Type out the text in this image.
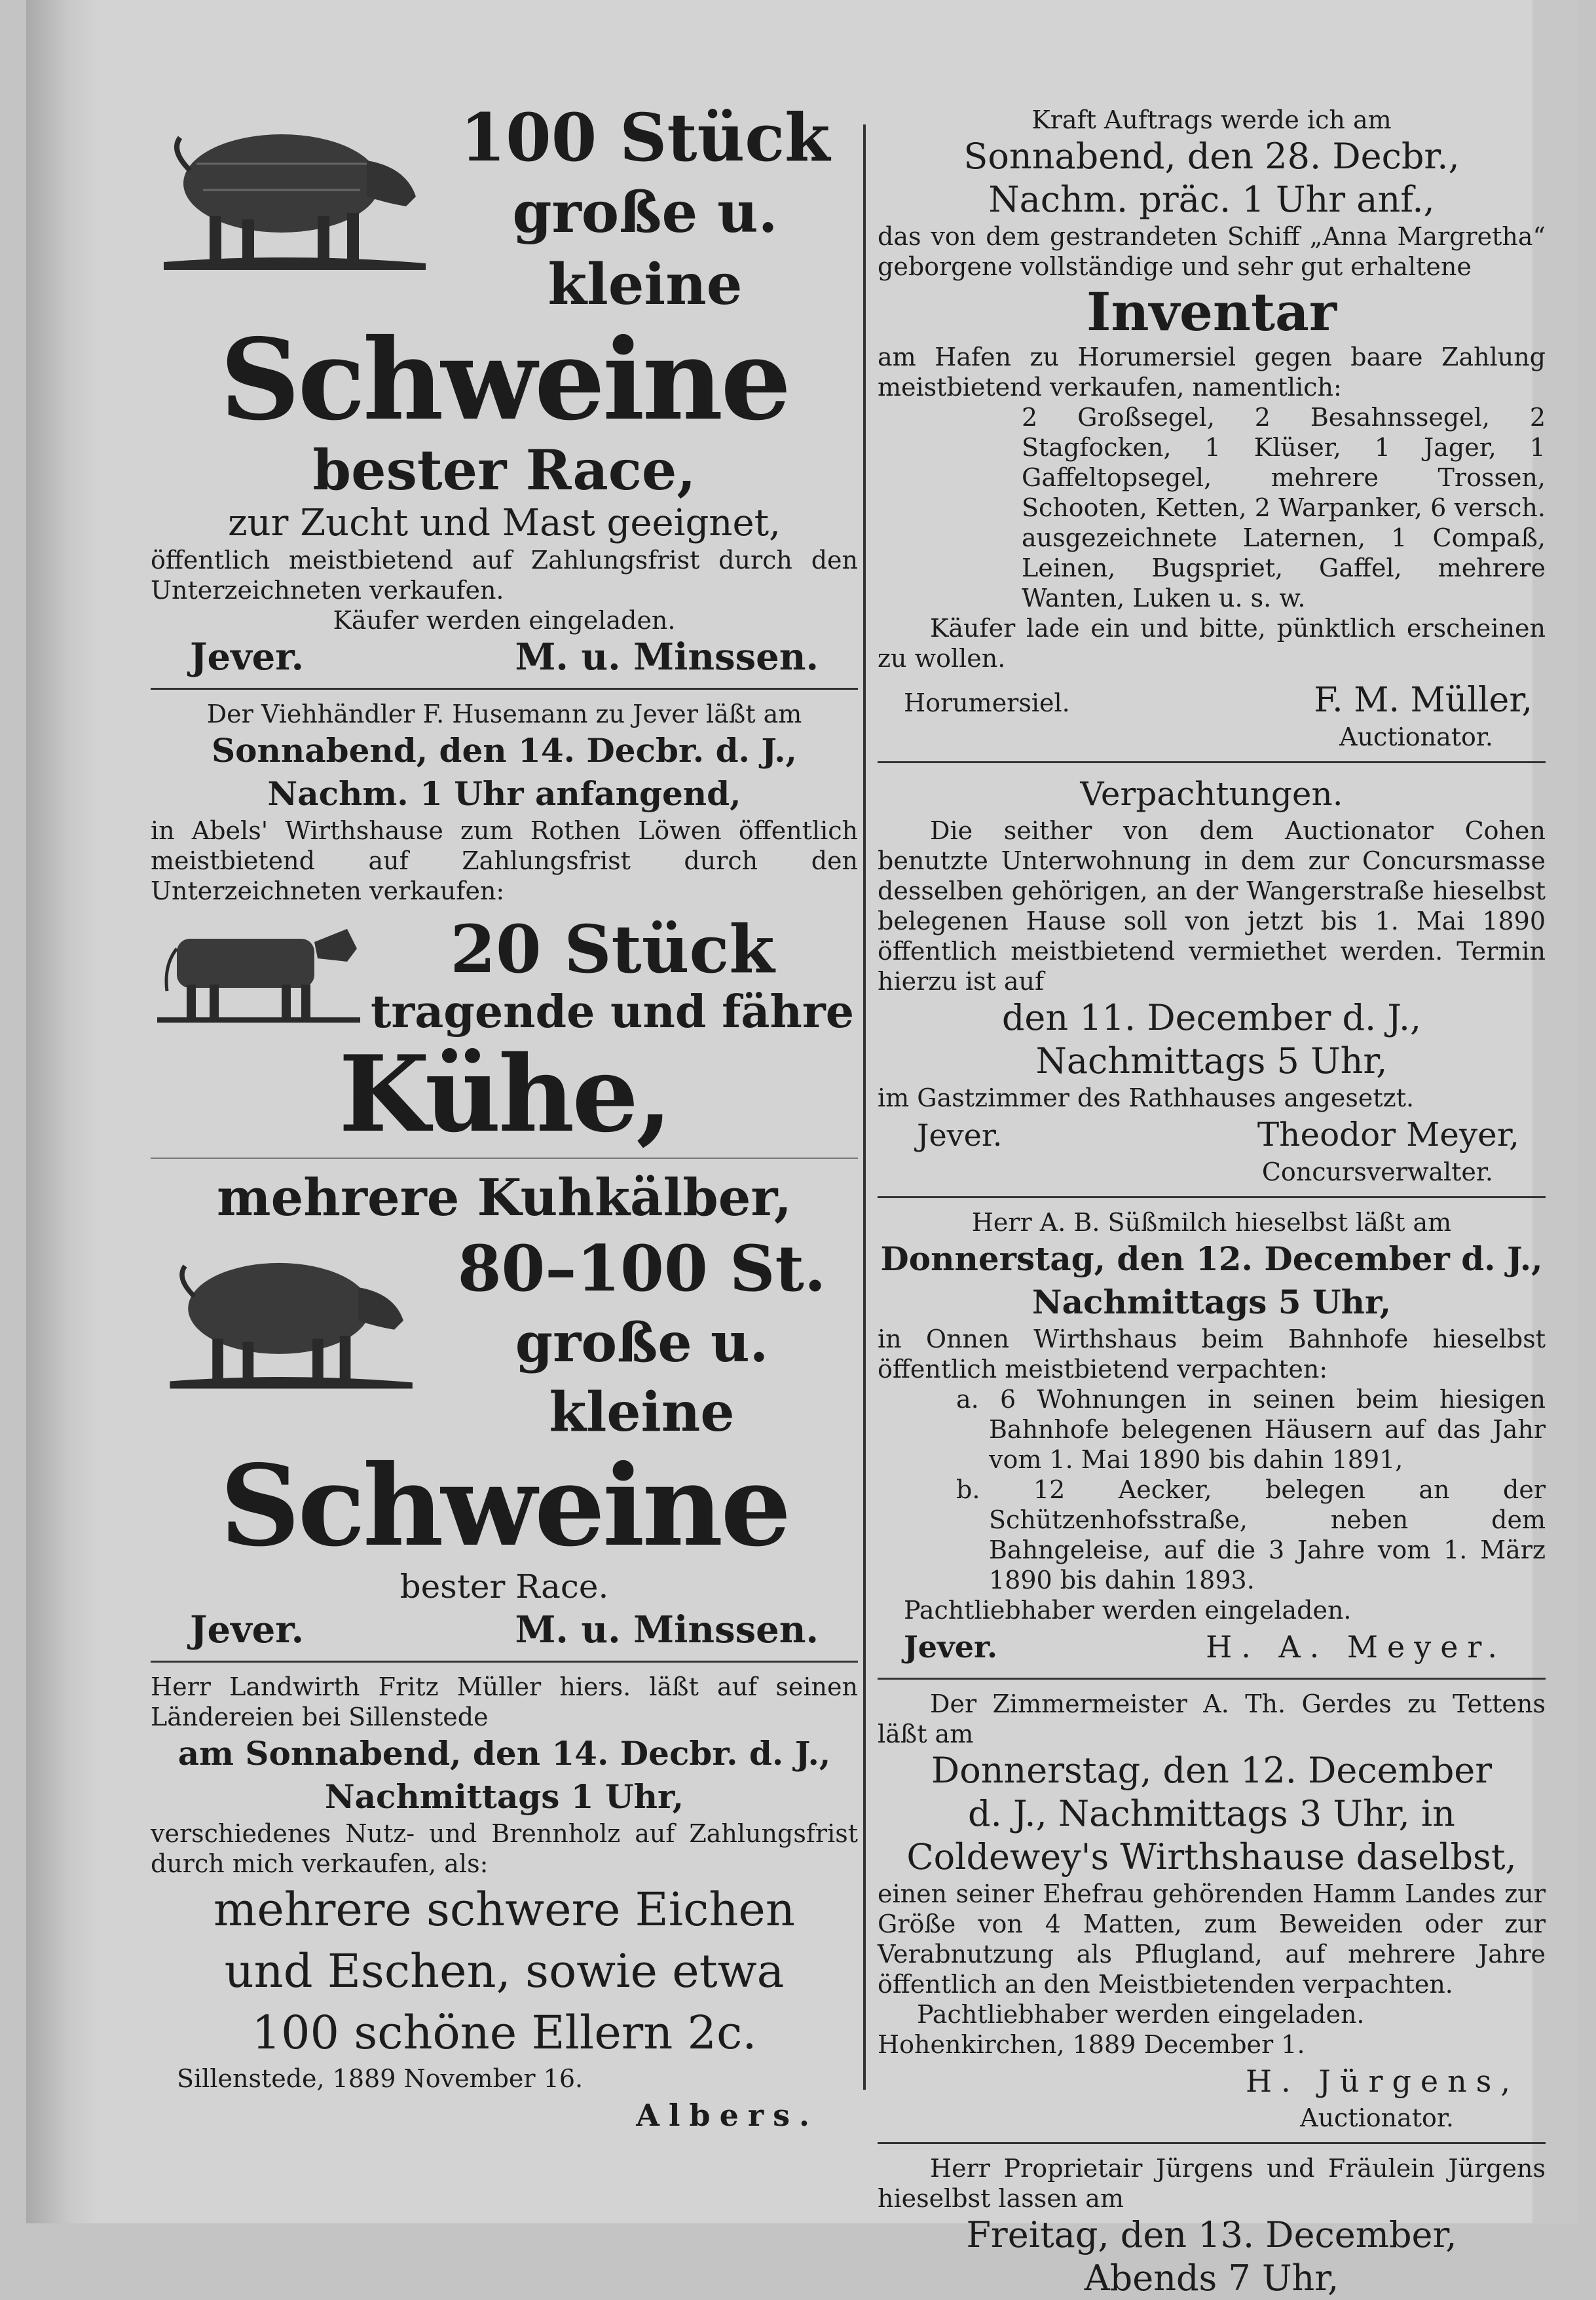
100 Stück

große u. kleine

Schweine

bester Race,

zur Zucht und Mast geeignet,

öffentlich meistbietend auf Zahlungsfrist durch den Unterzeichneten verkaufen.

Käufer werden eingeladen.

Jever.	M. u. Minssen.

Der Viehhändler F. Husemann zu Jever läßt am

Sonnabend, den 14. Decbr. d. J.,

Nachm. 1 Uhr anfangend,

in Abels' Wirthshause zum Rothen Löwen öffentlich meistbietend auf Zahlungsfrist durch den Unterzeichneten verkaufen:

20 Stück

tragende und fähre

Kühe,

mehrere Kuhkälber,

80–100 St.

große u. kleine

Schweine

bester Race.

Jever.	M. u. Minssen.

Herr Landwirth Fritz Müller hiers. läßt auf seinen Ländereien bei Sillenstede

am Sonnabend, den 14. Decbr. d. J.,

Nachmittags 1 Uhr,

verschiedenes Nutz- und Brennholz auf Zahlungsfrist durch mich verkaufen, als:

mehrere schwere Eichen

und Eschen, sowie etwa

100 schöne Ellern 2c.

Sillenstede, 1889 November 16.

Albers.

Kraft Auftrags werde ich am

Sonnabend, den 28. Decbr.,

Nachm. präc. 1 Uhr anf.,

das von dem gestrandeten Schiff „Anna Margretha“ geborgene vollständige und sehr gut erhaltene

Inventar

am Hafen zu Horumersiel gegen baare Zahlung meistbietend verkaufen, namentlich:

2 Großsegel, 2 Besahnssegel, 2 Stagfocken, 1 Klüser, 1 Jager, 1 Gaffeltopsegel, mehrere Trossen, Schooten, Ketten, 2 Warpanker, 6 versch. ausgezeichnete Laternen, 1 Compaß, Leinen, Bugspriet, Gaffel, mehrere Wanten, Luken u. s. w.

Käufer lade ein und bitte, pünktlich erscheinen zu wollen.

Horumersiel.	F. M. Müller,

Auctionator.

Verpachtungen.

Die seither von dem Auctionator Cohen benutzte Unterwohnung in dem zur Concursmasse desselben gehörigen, an der Wangerstraße hieselbst belegenen Hause soll von jetzt bis 1. Mai 1890 öffentlich meistbietend vermiethet werden. Termin hierzu ist auf

den 11. December d. J.,

Nachmittags 5 Uhr,

im Gastzimmer des Rathhauses angesetzt.

Jever.	Theodor Meyer,

Concursverwalter.

Herr A. B. Süßmilch hieselbst läßt am

Donnerstag, den 12. December d. J.,

Nachmittags 5 Uhr,

in Onnen Wirthshaus beim Bahnhofe hieselbst öffentlich meistbietend verpachten:

a. 6 Wohnungen in seinen beim hiesigen Bahnhofe belegenen Häusern auf das Jahr vom 1. Mai 1890 bis dahin 1891,

b. 12 Aecker, belegen an der Schützenhofsstraße, neben dem Bahngeleise, auf die 3 Jahre vom 1. März 1890 bis dahin 1893.

Pachtliebhaber werden eingeladen.

Jever.	H. A. Meyer.

Der Zimmermeister A. Th. Gerdes zu Tettens läßt am

Donnerstag, den 12. December

d. J., Nachmittags 3 Uhr, in

Coldewey's Wirthshause daselbst,

einen seiner Ehefrau gehörenden Hamm Landes zur Größe von 4 Matten, zum Beweiden oder zur Verabnutzung als Pflugland, auf mehrere Jahre öffentlich an den Meistbietenden verpachten.

Pachtliebhaber werden eingeladen.

Hohenkirchen, 1889 December 1.

H. Jürgens,

Auctionator.

Herr Proprietair Jürgens und Fräulein Jürgens hieselbst lassen am

Freitag, den 13. December,

Abends 7 Uhr,
